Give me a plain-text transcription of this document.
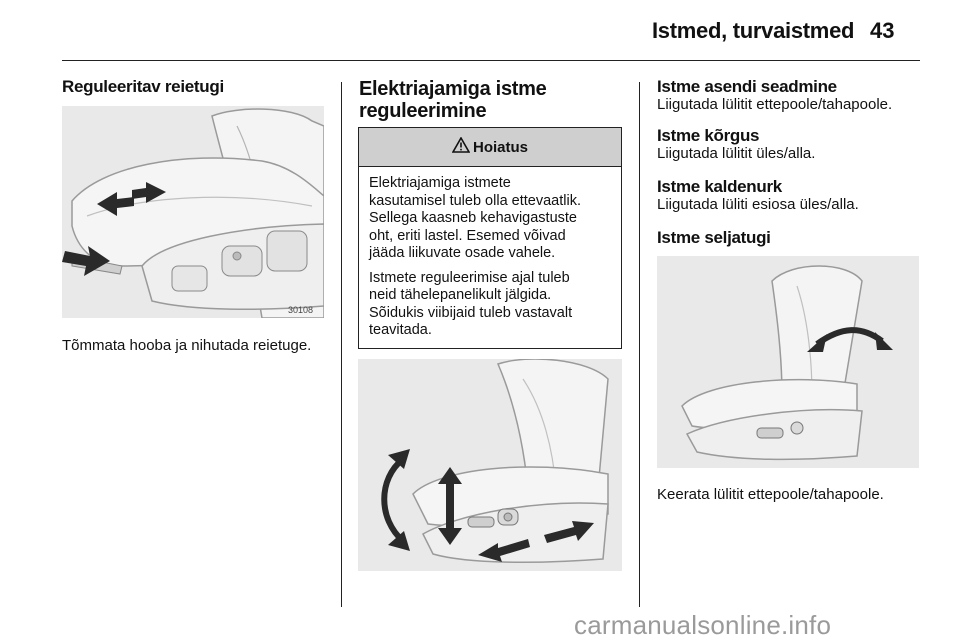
Istmed, turvaistmed 43
Reguleeritav reietugi
30108
Tõmmata hooba ja nihutada reietuge.
Elektriajamiga istme
reguleerimine
Hoiatus

Elektriajamiga istmete
kasutamisel tuleb olla ettevaatlik.
Sellega kaasneb kehavigastuste
oht, eriti lastel. Esemed võivad
jääda liikuvate osade vahele.

Istmete reguleerimise ajal tuleb
neid tähelepanelikult jälgida.
Sõidukis viibijaid tuleb vastavalt
teavitada.

Istme asendi seadmine
Liigutada lülitit ettepoole/tahapoole.
Istme kõrgus
Liigutada lülitit üles/alla.
Istme kaldenurk
Liigutada lüliti esiosa üles/alla.
Istme seljatugi
Keerata lülitit ettepoole/tahapoole.
carmanualsonline.info
